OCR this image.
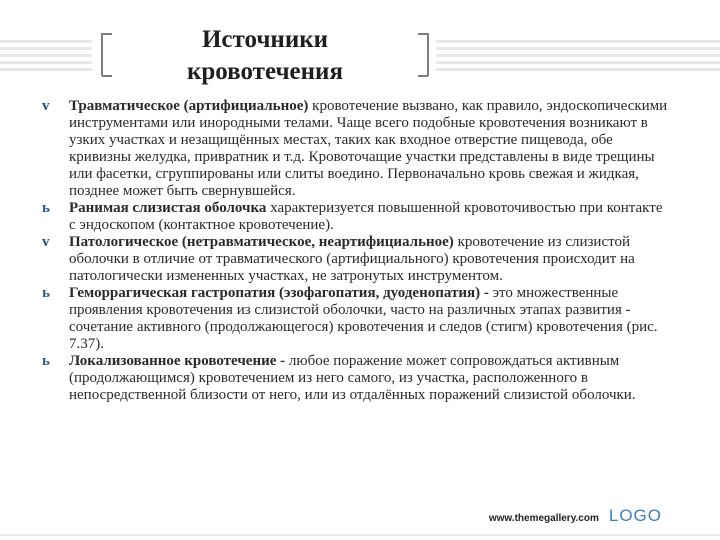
Источники
кровотечения

v	Травматическое (артифициальное) кровотечение вызвано, как правило, эндоскопическими инструментами или инородными телами. Чаще всего подобные кровотечения возникают в узких участках и незащищённых местах, таких как входное отверстие пищевода, обе кривизны желудка, привратник и т.д. Кровоточащие участки представлены в виде трещины или фасетки, сгруппированы или слиты воедино. Первоначально кровь свежая и жидкая, позднее может быть свернувшейся.

ь	Ранимая слизистая оболочка характеризуется повышенной кровоточивостью при контакте с эндоскопом (контактное кровотечение).

v	Патологическое (нетравматическое, неартифициальное) кровотечение из слизистой оболочки в отличие от травматического (артифициального) кровотечения происходит на патологически измененных участках, не затронутых инструментом.

ь	Геморрагическая гастропатия (эзофагопатия, дуоденопатия) - это множественные проявления кровотечения из слизистой оболочки, часто на различных этапах развития - сочетание активного (продолжающегося) кровотечения и следов (стигм) кровотечения (рис. 7.37).

ь	Локализованное кровотечение - любое поражение может сопровождаться активным (продолжающимся) кровотечением из него самого, из участка, расположенного в непосредственной близости от него, или из отдалённых поражений слизистой оболочки.

www.themegallery.com LOGO
